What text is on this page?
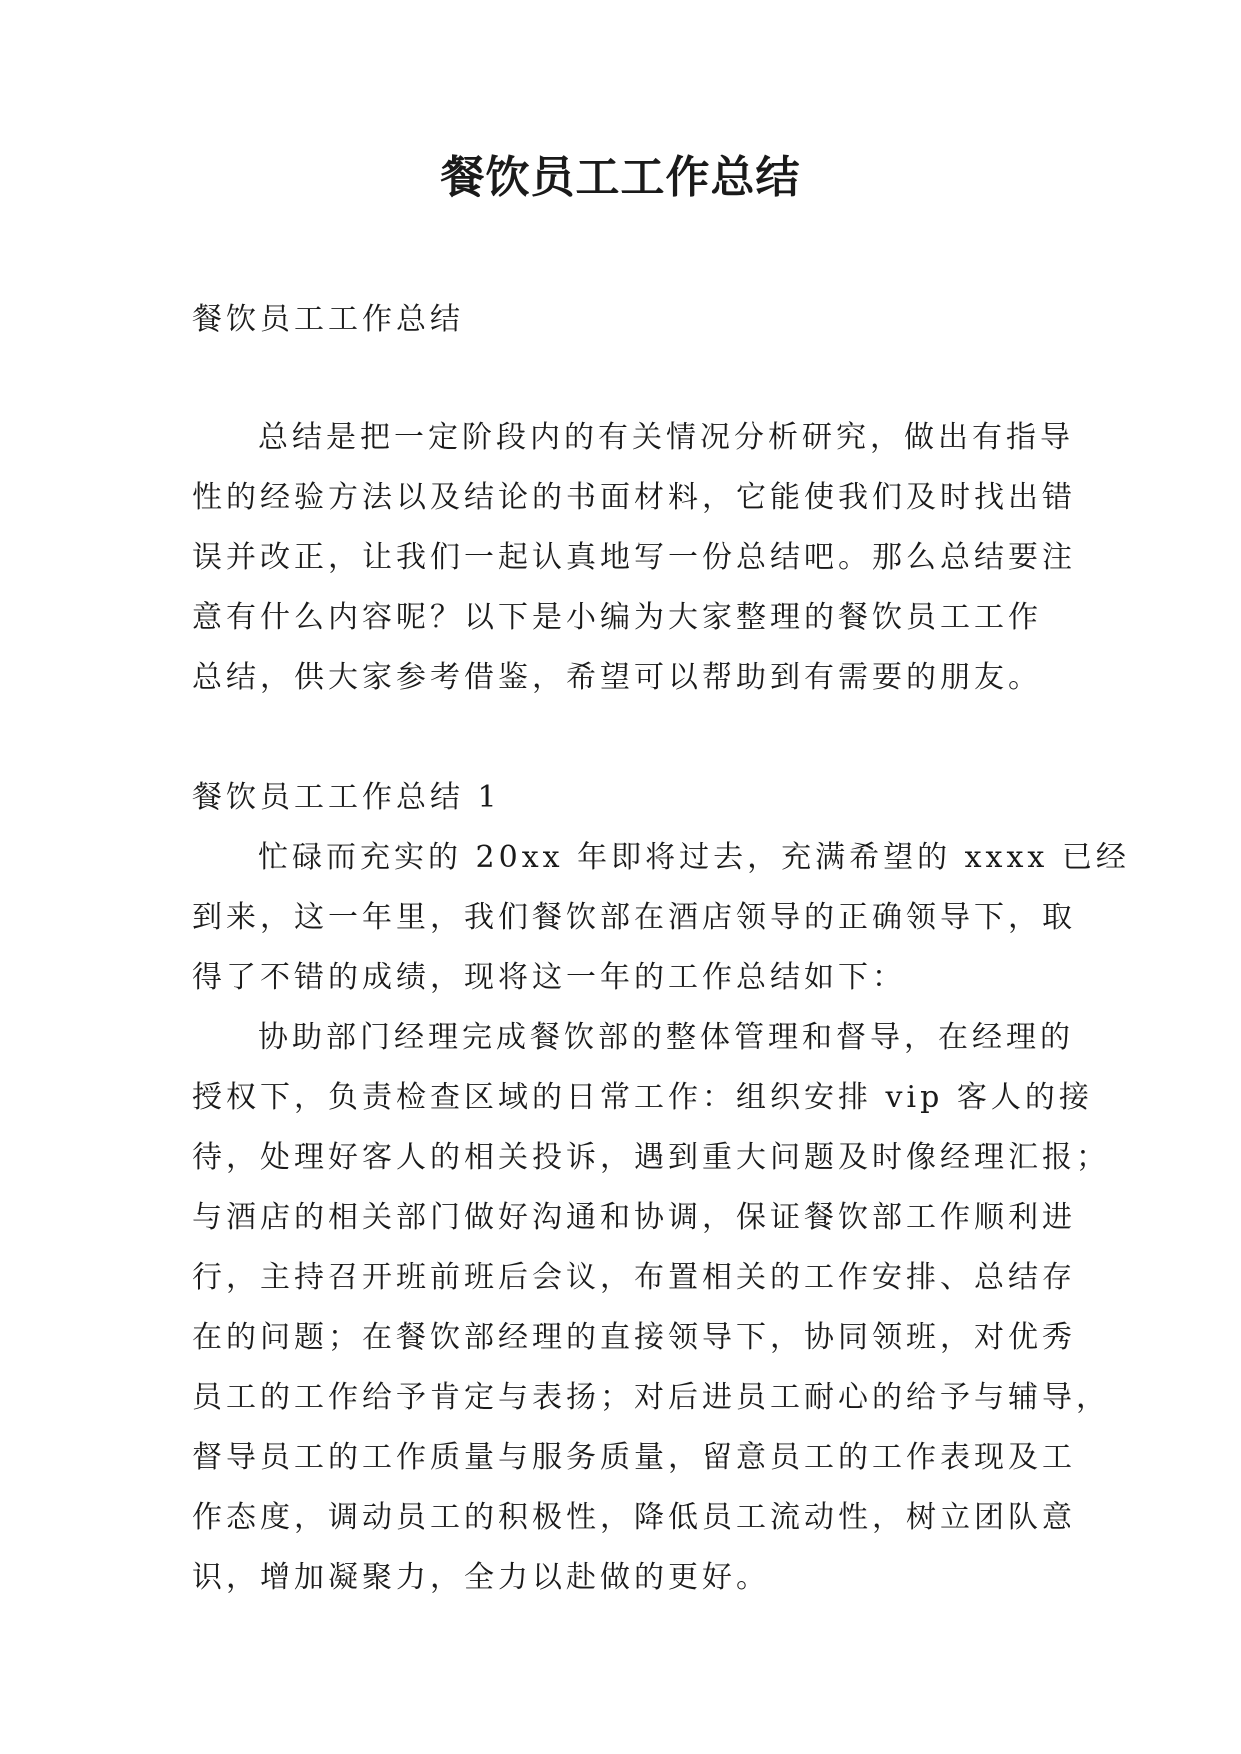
餐饮员工工作总结
餐饮员工工作总结
总结是把一定阶段内的有关情况分析研究，做出有指导
性的经验方法以及结论的书面材料，它能使我们及时找出错
误并改正，让我们一起认真地写一份总结吧。那么总结要注
意有什么内容呢？以下是小编为大家整理的餐饮员工工作
总结，供大家参考借鉴，希望可以帮助到有需要的朋友。
餐饮员工工作总结 1
忙碌而充实的 20xx 年即将过去，充满希望的 xxxx 已经
到来，这一年里，我们餐饮部在酒店领导的正确领导下，取
得了不错的成绩，现将这一年的工作总结如下：
协助部门经理完成餐饮部的整体管理和督导，在经理的
授权下，负责检查区域的日常工作：组织安排 vip 客人的接
待，处理好客人的相关投诉，遇到重大问题及时像经理汇报；
与酒店的相关部门做好沟通和协调，保证餐饮部工作顺利进
行，主持召开班前班后会议，布置相关的工作安排、总结存
在的问题；在餐饮部经理的直接领导下，协同领班，对优秀
员工的工作给予肯定与表扬；对后进员工耐心的给予与辅导，
督导员工的工作质量与服务质量，留意员工的工作表现及工
作态度，调动员工的积极性，降低员工流动性，树立团队意
识，增加凝聚力，全力以赴做的更好。
